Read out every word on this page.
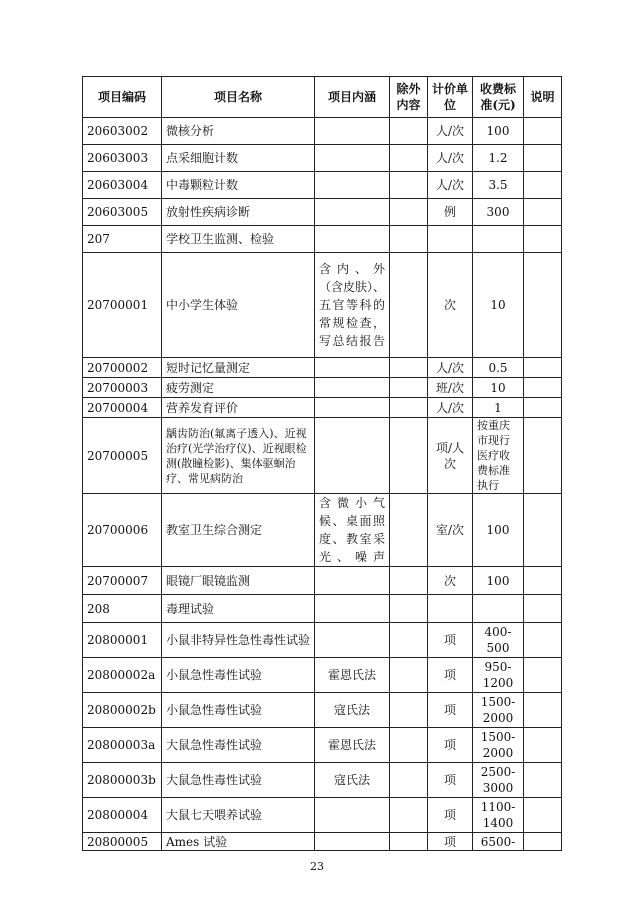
项目编码	项目名称	项目内涵	除外内容	计价单位	收费标准(元)	说明
20603002	微核分析			人/次	100	
20603003	点采细胞计数			人/次	1.2	
20603004	中毒颗粒计数			人/次	3.5	
20603005	放射性疾病诊断			例	300	
207	学校卫生监测、检验					
20700001	中小学生体验	含内、外（含皮肤）、五官等科的常规检查，写总结报告		次	10	
20700002	短时记忆量测定			人/次	0.5	
20700003	疲劳测定			班/次	10	
20700004	营养发育评价			人/次	1	
20700005	龋齿防治(氟离子透入)、近视治疗(光学治疗仪)、近视眼检测(散瞳检影)、集体驱蛔治疗、常见病防治			项/人次	按重庆市现行医疗收费标准执行	
20700006	教室卫生综合测定	含微小气候、桌面照度、教室采光、噪声		室/次	100	
20700007	眼镜厂眼镜监测			次	100	
208	毒理试验					
20800001	小鼠非特异性急性毒性试验			项	400-500	
20800002a	小鼠急性毒性试验	霍恩氏法		项	950-1200	
20800002b	小鼠急性毒性试验	寇氏法		项	1500-2000	
20800003a	大鼠急性毒性试验	霍恩氏法		项	1500-2000	
20800003b	大鼠急性毒性试验	寇氏法		项	2500-3000	
20800004	大鼠七天喂养试验			项	1100-1400	
20800005	Ames 试验			项	6500-	
23
